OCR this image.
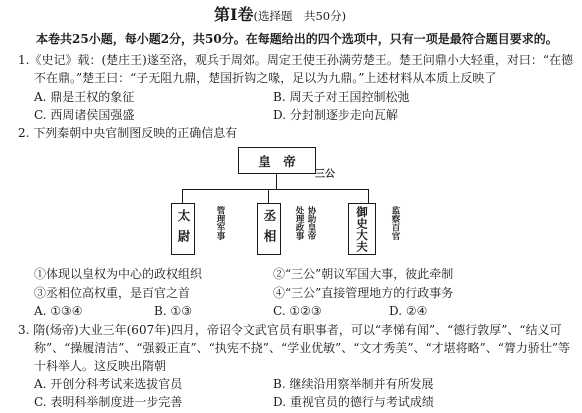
第Ⅰ卷(选择题　共50分)
本卷共25小题，每小题2分，共50分。在每题给出的四个选项中，只有一项是最符合题目要求的。
1.《史记》载：(楚庄王)遂至洛，观兵于周郊。周定王使王孙满劳楚王。楚王问鼎小大轻重，对曰：“在德
不在鼎。”楚王曰：“子无阻九鼎，楚国折钩之喙，足以为九鼎。”上述材料从本质上反映了
A. 鼎是王权的象征	B. 周天子对王国控制松弛
C. 西周诸侯国强盛	D. 分封制逐步走向瓦解
2. 下列秦朝中央官制图反映的正确信息有
皇　帝
三公
太尉	丞相	御史大夫
管理军事	处理政事 协助皇帝	监察百官
①体现以皇权为中心的政权组织	②“三公”朝议军国大事，彼此牵制
③丞相位高权重，是百官之首	④“三公”直接管理地方的行政事务
A. ①③④	B. ①③	C. ①②③	D. ②④
3. 隋(炀帝)大业三年(607年)四月，帝诏令文武官员有职事者，可以“孝悌有闻”、“德行敦厚”、“结义可
称”、“操履清洁”、“强毅正直”、“执宪不挠”、“学业优敏”、“文才秀美”、“才堪将略”、“膂力骄壮”等
十科举人。这反映出隋朝
A. 开创分科考试来选拔官员	B. 继续沿用察举制并有所发展
C. 表明科举制度进一步完善	D. 重视官员的德行与考试成绩
